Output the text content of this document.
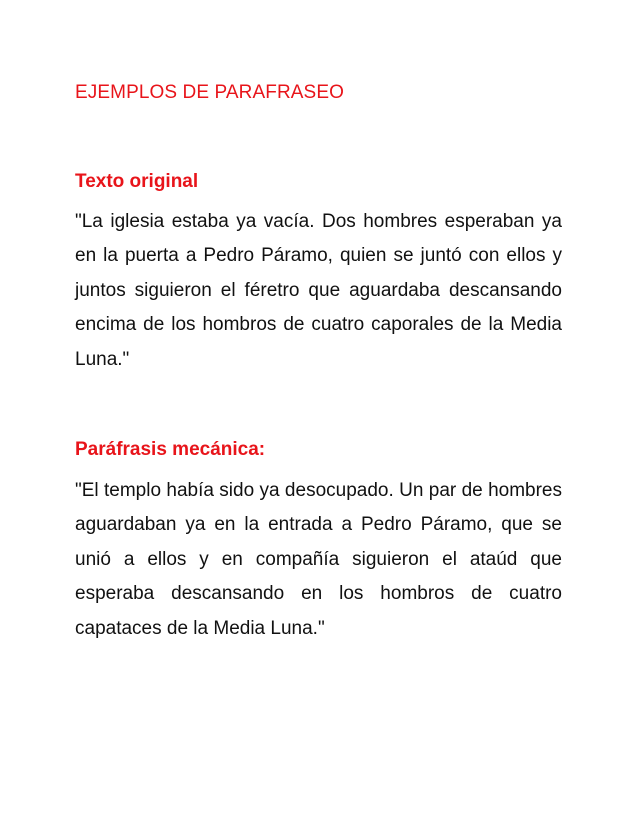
EJEMPLOS DE PARAFRASEO
Texto original

"La iglesia estaba ya vacía. Dos hombres esperaban ya en la puerta a Pedro Páramo, quien se juntó con ellos y juntos siguieron el féretro que aguardaba descansando encima de los hombros de cuatro caporales de la Media Luna."

Paráfrasis mecánica:

"El templo había sido ya desocupado. Un par de hombres aguardaban ya en la entrada a Pedro Páramo, que se unió a ellos y en compañía siguieron el ataúd que esperaba descansando en los hombros de cuatro capataces de la Media Luna."
